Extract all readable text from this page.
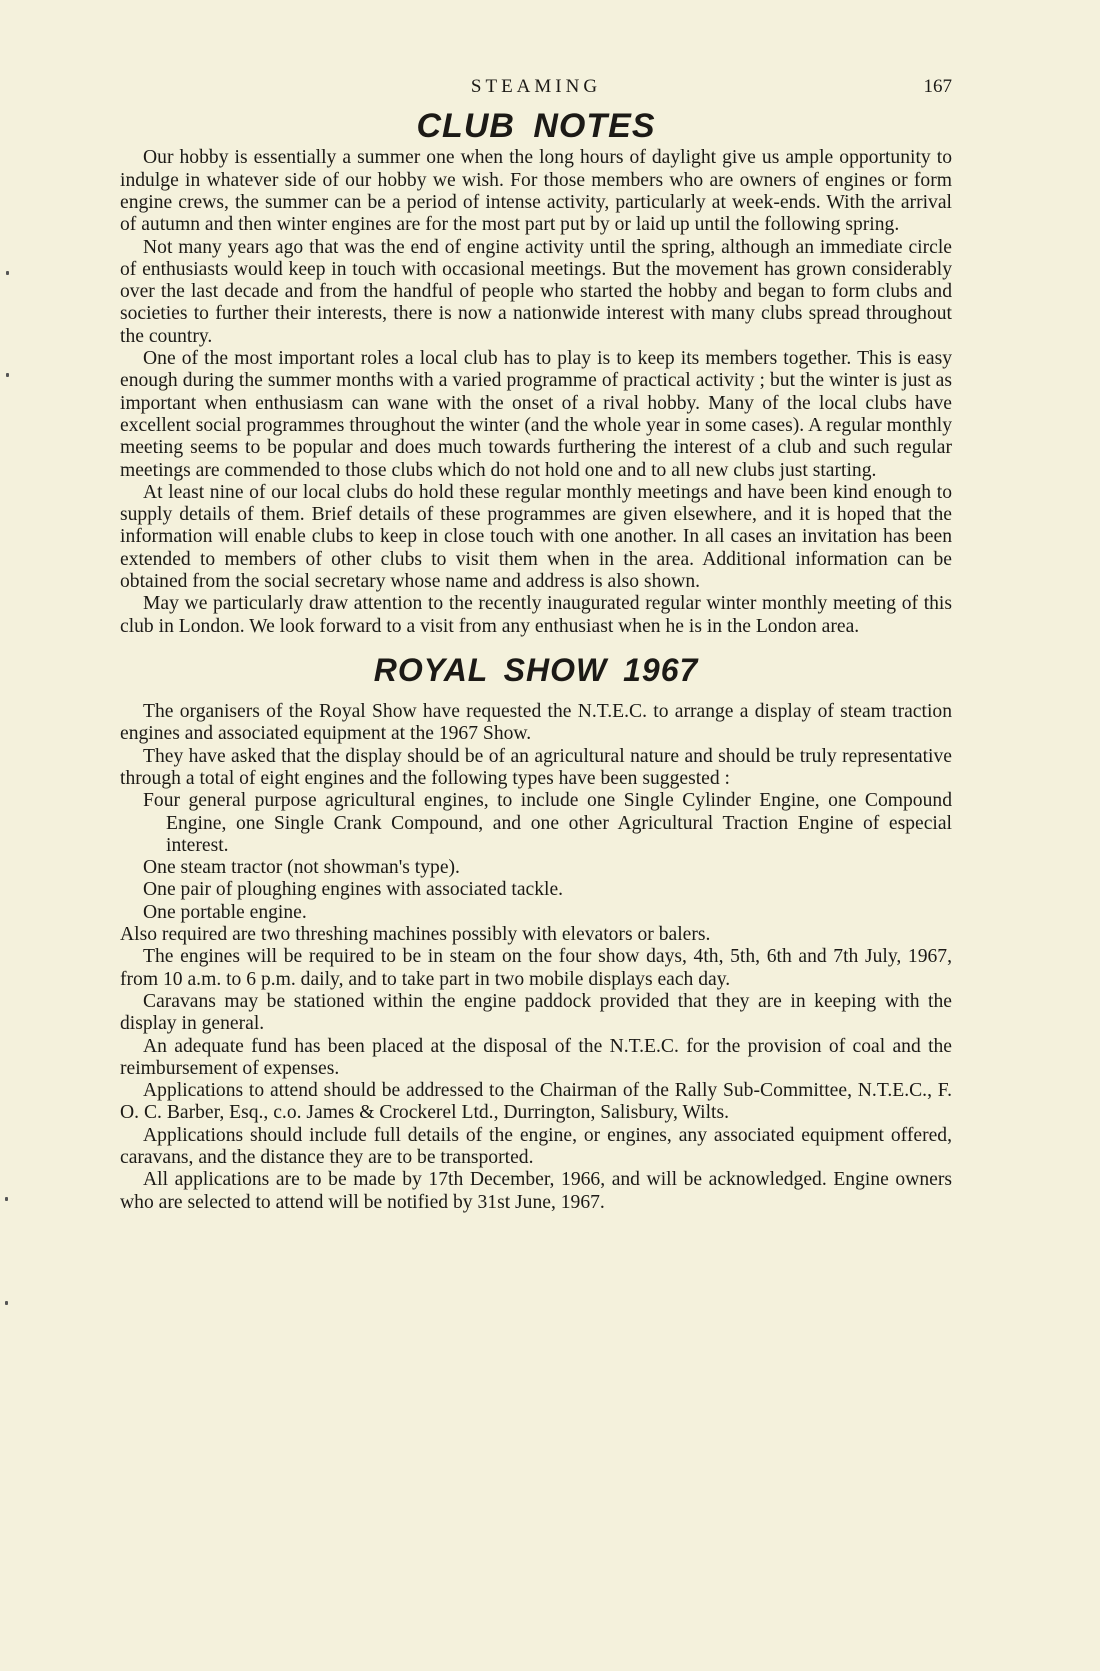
STEAMING	167
CLUB NOTES

Our hobby is essentially a summer one when the long hours of daylight give us ample opportunity to indulge in whatever side of our hobby we wish. For those members who are owners of engines or form engine crews, the summer can be a period of intense activity, particularly at week-ends. With the arrival of autumn and then winter engines are for the most part put by or laid up until the following spring.

Not many years ago that was the end of engine activity until the spring, although an immediate circle of enthusiasts would keep in touch with occasional meetings. But the movement has grown considerably over the last decade and from the handful of people who started the hobby and began to form clubs and societies to further their interests, there is now a nationwide interest with many clubs spread throughout the country.

One of the most important roles a local club has to play is to keep its members together. This is easy enough during the summer months with a varied programme of practical activity ; but the winter is just as important when enthusiasm can wane with the onset of a rival hobby. Many of the local clubs have excellent social programmes throughout the winter (and the whole year in some cases). A regular monthly meeting seems to be popular and does much towards furthering the interest of a club and such regular meetings are commended to those clubs which do not hold one and to all new clubs just starting.

At least nine of our local clubs do hold these regular monthly meetings and have been kind enough to supply details of them. Brief details of these programmes are given elsewhere, and it is hoped that the information will enable clubs to keep in close touch with one another. In all cases an invitation has been extended to members of other clubs to visit them when in the area. Additional information can be obtained from the social secretary whose name and address is also shown.

May we particularly draw attention to the recently inaugurated regular winter monthly meeting of this club in London. We look forward to a visit from any enthusiast when he is in the London area.

ROYAL SHOW 1967

The organisers of the Royal Show have requested the N.T.E.C. to arrange a display of steam traction engines and associated equipment at the 1967 Show.

They have asked that the display should be of an agricultural nature and should be truly representative through a total of eight engines and the following types have been suggested :

Four general purpose agricultural engines, to include one Single Cylinder Engine, one Compound Engine, one Single Crank Compound, and one other Agricultural Traction Engine of especial interest.

One steam tractor (not showman's type).

One pair of ploughing engines with associated tackle.

One portable engine.

Also required are two threshing machines possibly with elevators or balers.

The engines will be required to be in steam on the four show days, 4th, 5th, 6th and 7th July, 1967, from 10 a.m. to 6 p.m. daily, and to take part in two mobile displays each day.

Caravans may be stationed within the engine paddock provided that they are in keeping with the display in general.

An adequate fund has been placed at the disposal of the N.T.E.C. for the provision of coal and the reimbursement of expenses.

Applications to attend should be addressed to the Chairman of the Rally Sub-Committee, N.T.E.C., F. O. C. Barber, Esq., c.o. James & Crockerel Ltd., Durrington, Salisbury, Wilts.

Applications should include full details of the engine, or engines, any associated equipment offered, caravans, and the distance they are to be transported.

All applications are to be made by 17th December, 1966, and will be acknowledged. Engine owners who are selected to attend will be notified by 31st June, 1967.
